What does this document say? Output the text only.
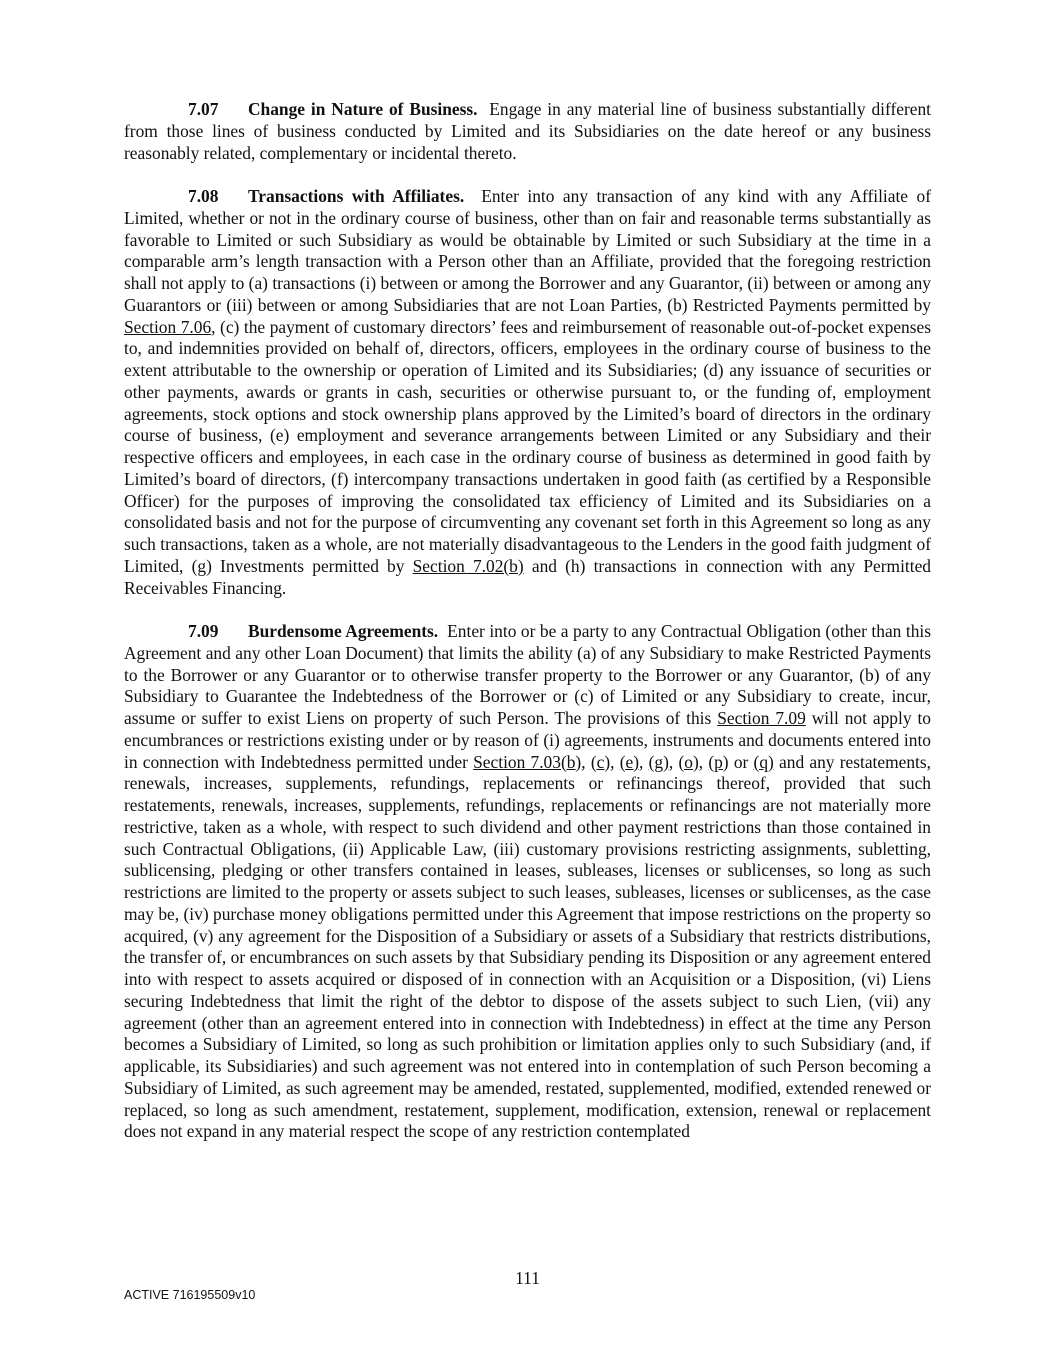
7.07 Change in Nature of Business. Engage in any material line of business substantially different from those lines of business conducted by Limited and its Subsidiaries on the date hereof or any business reasonably related, complementary or incidental thereto.

7.08 Transactions with Affiliates. Enter into any transaction of any kind with any Affiliate of Limited, whether or not in the ordinary course of business, other than on fair and reasonable terms substantially as favorable to Limited or such Subsidiary as would be obtainable by Limited or such Subsidiary at the time in a comparable arm’s length transaction with a Person other than an Affiliate, provided that the foregoing restriction shall not apply to (a) transactions (i) between or among the Borrower and any Guarantor, (ii) between or among any Guarantors or (iii) between or among Subsidiaries that are not Loan Parties, (b) Restricted Payments permitted by Section 7.06, (c) the payment of customary directors’ fees and reimbursement of reasonable out-of-pocket expenses to, and indemnities provided on behalf of, directors, officers, employees in the ordinary course of business to the extent attributable to the ownership or operation of Limited and its Subsidiaries; (d) any issuance of securities or other payments, awards or grants in cash, securities or otherwise pursuant to, or the funding of, employment agreements, stock options and stock ownership plans approved by the Limited’s board of directors in the ordinary course of business, (e) employment and severance arrangements between Limited or any Subsidiary and their respective officers and employees, in each case in the ordinary course of business as determined in good faith by Limited’s board of directors, (f) intercompany transactions undertaken in good faith (as certified by a Responsible Officer) for the purposes of improving the consolidated tax efficiency of Limited and its Subsidiaries on a consolidated basis and not for the purpose of circumventing any covenant set forth in this Agreement so long as any such transactions, taken as a whole, are not materially disadvantageous to the Lenders in the good faith judgment of Limited, (g) Investments permitted by Section 7.02(b) and (h) transactions in connection with any Permitted Receivables Financing.

7.09 Burdensome Agreements. Enter into or be a party to any Contractual Obligation (other than this Agreement and any other Loan Document) that limits the ability (a) of any Subsidiary to make Restricted Payments to the Borrower or any Guarantor or to otherwise transfer property to the Borrower or any Guarantor, (b) of any Subsidiary to Guarantee the Indebtedness of the Borrower or (c) of Limited or any Subsidiary to create, incur, assume or suffer to exist Liens on property of such Person. The provisions of this Section 7.09 will not apply to encumbrances or restrictions existing under or by reason of (i) agreements, instruments and documents entered into in connection with Indebtedness permitted under Section 7.03(b), (c), (e), (g), (o), (p) or (q) and any restatements, renewals, increases, supplements, refundings, replacements or refinancings thereof, provided that such restatements, renewals, increases, supplements, refundings, replacements or refinancings are not materially more restrictive, taken as a whole, with respect to such dividend and other payment restrictions than those contained in such Contractual Obligations, (ii) Applicable Law, (iii) customary provisions restricting assignments, subletting, sublicensing, pledging or other transfers contained in leases, subleases, licenses or sublicenses, so long as such restrictions are limited to the property or assets subject to such leases, subleases, licenses or sublicenses, as the case may be, (iv) purchase money obligations permitted under this Agreement that impose restrictions on the property so acquired, (v) any agreement for the Disposition of a Subsidiary or assets of a Subsidiary that restricts distributions, the transfer of, or encumbrances on such assets by that Subsidiary pending its Disposition or any agreement entered into with respect to assets acquired or disposed of in connection with an Acquisition or a Disposition, (vi) Liens securing Indebtedness that limit the right of the debtor to dispose of the assets subject to such Lien, (vii) any agreement (other than an agreement entered into in connection with Indebtedness) in effect at the time any Person becomes a Subsidiary of Limited, so long as such prohibition or limitation applies only to such Subsidiary (and, if applicable, its Subsidiaries) and such agreement was not entered into in contemplation of such Person becoming a Subsidiary of Limited, as such agreement may be amended, restated, supplemented, modified, extended renewed or replaced, so long as such amendment, restatement, supplement, modification, extension, renewal or replacement does not expand in any material respect the scope of any restriction contemplated

111
ACTIVE 716195509v10
